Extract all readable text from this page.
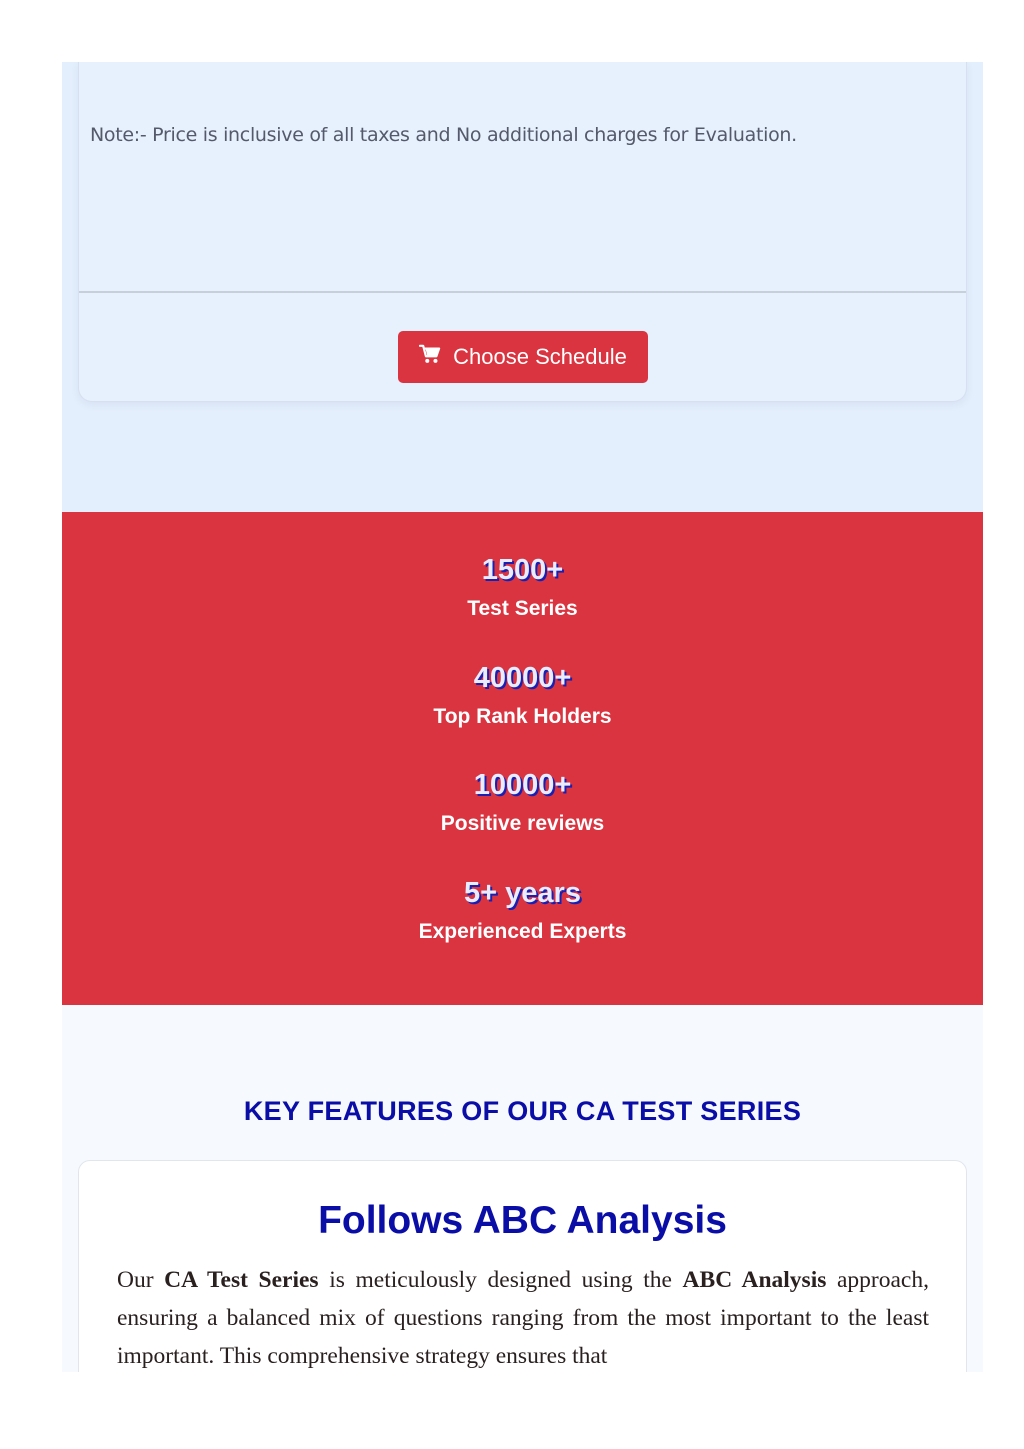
Note:- Price is inclusive of all taxes and No additional charges for Evaluation.

Choose Schedule
1500+
Test Series
40000+
Top Rank Holders
10000+
Positive reviews
5+ years
Experienced Experts
KEY FEATURES OF OUR CA TEST SERIES
Follows ABC Analysis

Our CA Test Series is meticulously designed using the ABC Analysis approach, ensuring a balanced mix of questions ranging from the most important to the least important. This comprehensive strategy ensures that
